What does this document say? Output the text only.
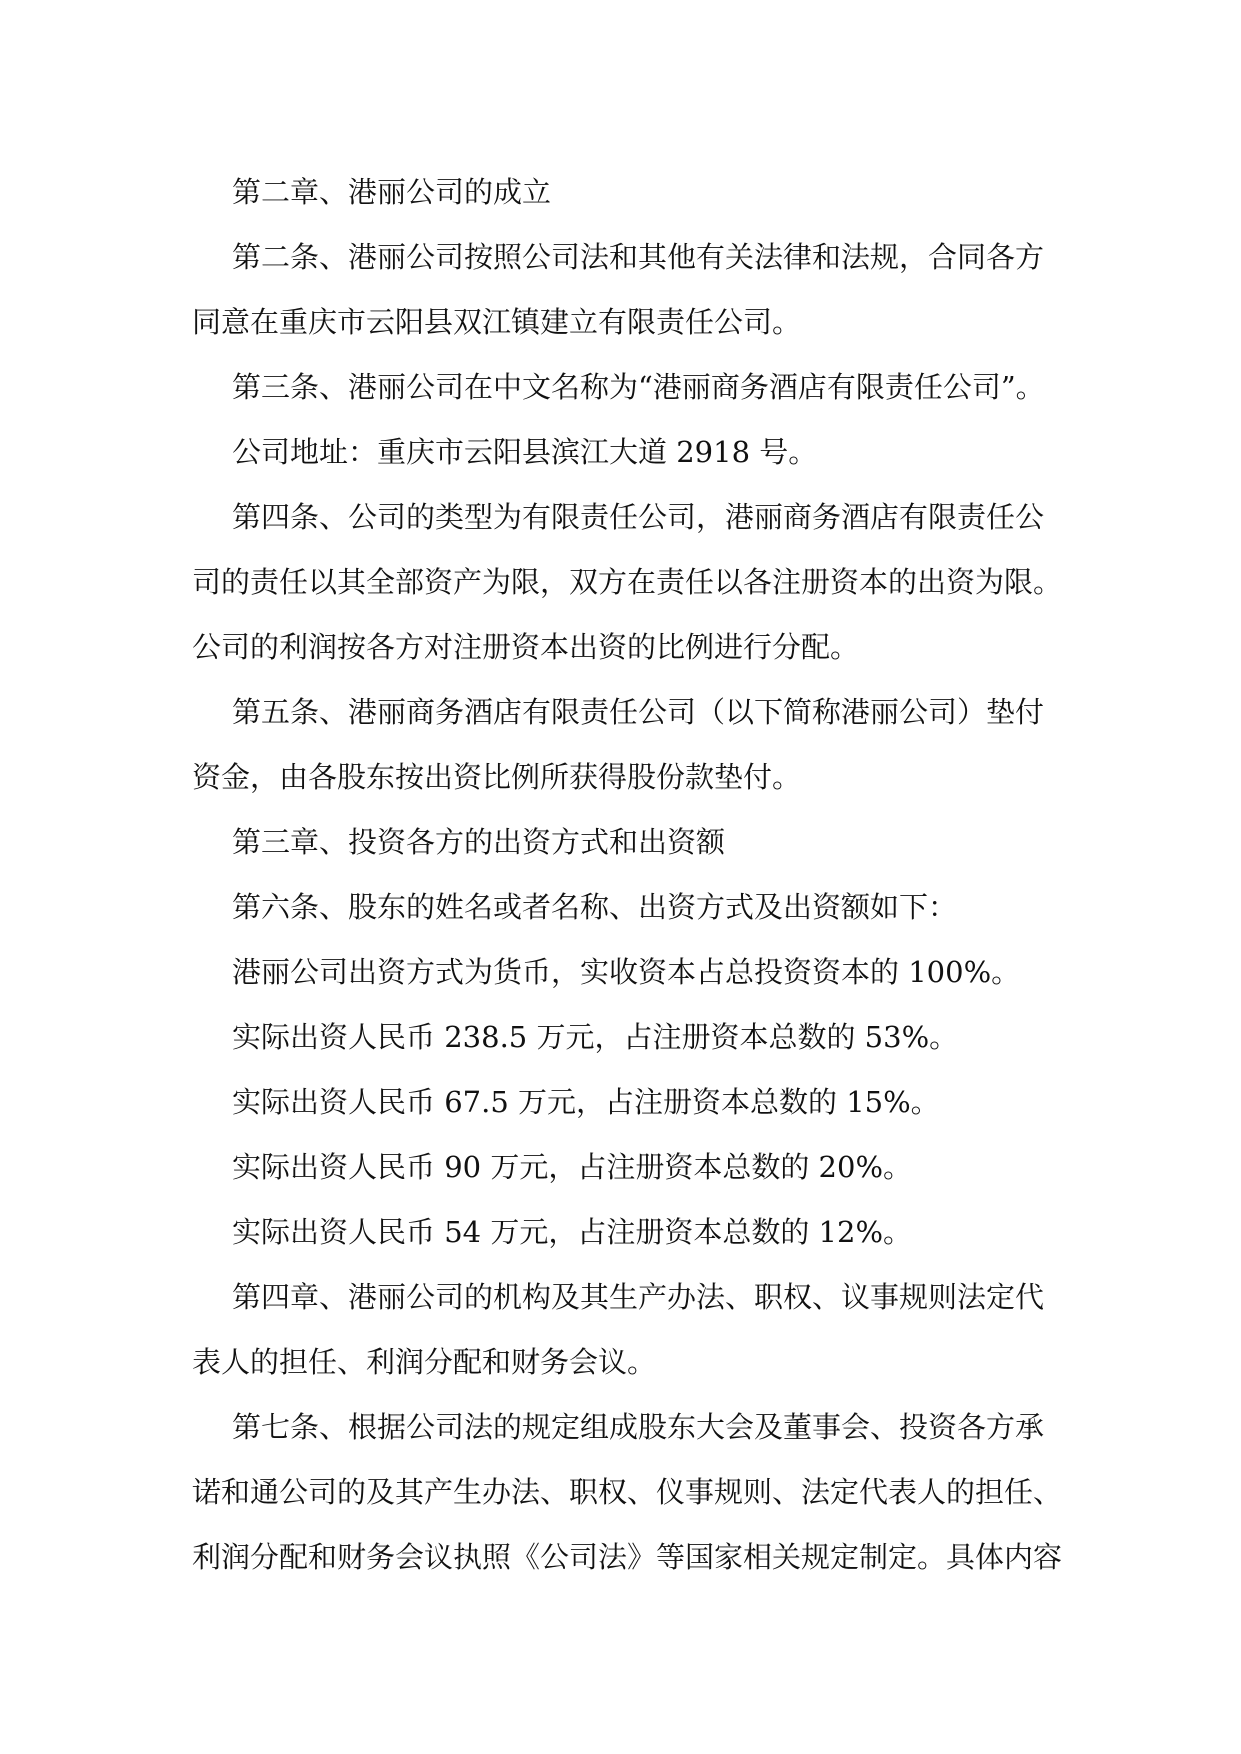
第二章、港丽公司的成立
第二条、港丽公司按照公司法和其他有关法律和法规，合同各方
同意在重庆市云阳县双江镇建立有限责任公司。
第三条、港丽公司在中文名称为“港丽商务酒店有限责任公司”。
公司地址：重庆市云阳县滨江大道 2918 号。
第四条、公司的类型为有限责任公司，港丽商务酒店有限责任公
司的责任以其全部资产为限，双方在责任以各注册资本的出资为限。
公司的利润按各方对注册资本出资的比例进行分配。
第五条、港丽商务酒店有限责任公司（以下简称港丽公司）垫付
资金，由各股东按出资比例所获得股份款垫付。
第三章、投资各方的出资方式和出资额
第六条、股东的姓名或者名称、出资方式及出资额如下：
港丽公司出资方式为货币，实收资本占总投资资本的 100%。
实际出资人民币 238.5 万元，占注册资本总数的 53%。
实际出资人民币 67.5 万元，占注册资本总数的 15%。
实际出资人民币 90 万元，占注册资本总数的 20%。
实际出资人民币 54 万元，占注册资本总数的 12%。
第四章、港丽公司的机构及其生产办法、职权、议事规则法定代
表人的担任、利润分配和财务会议。
第七条、根据公司法的规定组成股东大会及董事会、投资各方承
诺和通公司的及其产生办法、职权、仪事规则、法定代表人的担任、
利润分配和财务会议执照《公司法》等国家相关规定制定。具体内容
